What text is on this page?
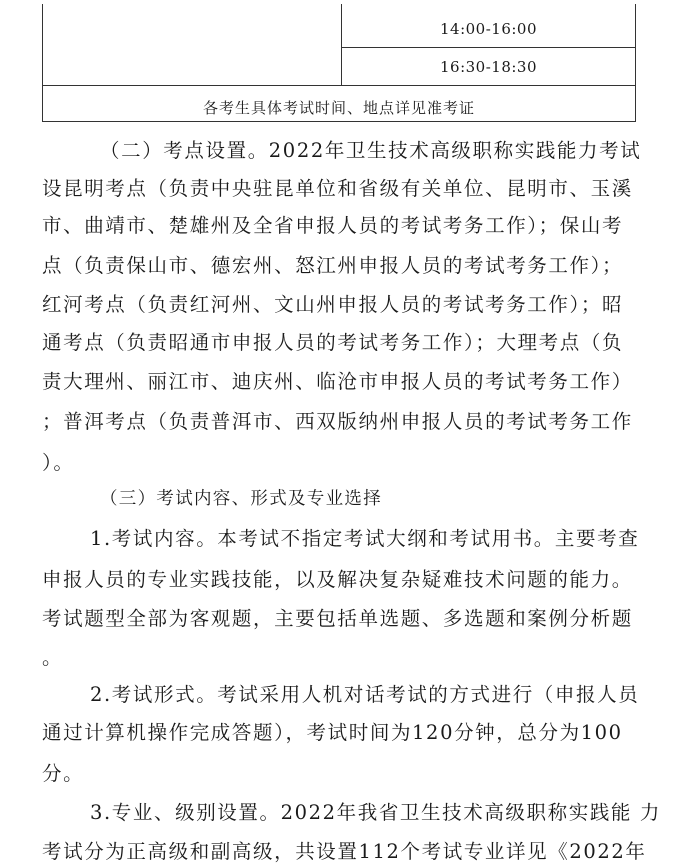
14:00-16:00
16:30-18:30
各考生具体考试时间、地点详见准考证
（二）考点设置。2022年卫生技术高级职称实践能力考试
设昆明考点（负责中央驻昆单位和省级有关单位、昆明市、玉溪
市、曲靖市、楚雄州及全省申报人员的考试考务工作）；保山考
点（负责保山市、德宏州、怒江州申报人员的考试考务工作）；
红河考点（负责红河州、文山州申报人员的考试考务工作）；昭
通考点（负责昭通市申报人员的考试考务工作）；大理考点（负
责大理州、丽江市、迪庆州、临沧市申报人员的考试考务工作）
；普洱考点（负责普洱市、西双版纳州申报人员的考试考务工作
）。
（三）考试内容、形式及专业选择
1.考试内容。本考试不指定考试大纲和考试用书。主要考查
申报人员的专业实践技能，以及解决复杂疑难技术问题的能力。
考试题型全部为客观题，主要包括单选题、多选题和案例分析题
。
2.考试形式。考试采用人机对话考试的方式进行（申报人员
通过计算机操作完成答题），考试时间为120分钟，总分为100
分。
3.专业、级别设置。2022年我省卫生技术高级职称实践能 力
考试分为正高级和副高级，共设置112个考试专业详见《2022年
